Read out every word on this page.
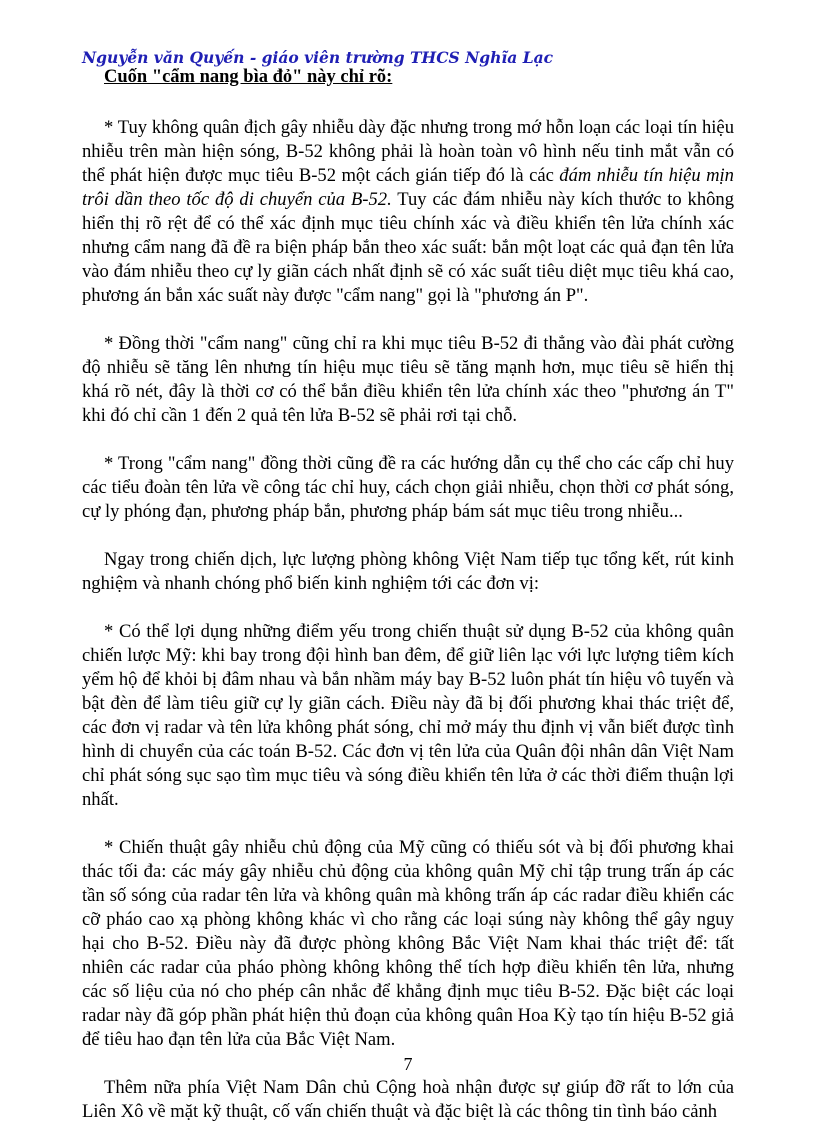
Nguyễn văn Quyến - giáo viên trường THCS Nghĩa Lạc
Cuốn "cẩm nang bìa đỏ" này chỉ rõ:

* Tuy không quân địch gây nhiễu dày đặc nhưng trong mớ hỗn loạn các loại tín hiệu nhiễu trên màn hiện sóng, B-52 không phải là hoàn toàn vô hình nếu tinh mắt vẫn có thể phát hiện được mục tiêu B-52 một cách gián tiếp đó là các đám nhiễu tín hiệu mịn trôi dần theo tốc độ di chuyển của B-52. Tuy các đám nhiễu này kích thước to không hiển thị rõ rệt để có thể xác định mục tiêu chính xác và điều khiển tên lửa chính xác nhưng cẩm nang đã đề ra biện pháp bắn theo xác suất: bắn một loạt các quả đạn tên lửa vào đám nhiễu theo cự ly giãn cách nhất định sẽ có xác suất tiêu diệt mục tiêu khá cao, phương án bắn xác suất này được "cẩm nang" gọi là "phương án P".

* Đồng thời "cẩm nang" cũng chỉ ra khi mục tiêu B-52 đi thẳng vào đài phát cường độ nhiễu sẽ tăng lên nhưng tín hiệu mục tiêu sẽ tăng mạnh hơn, mục tiêu sẽ hiển thị khá rõ nét, đây là thời cơ có thể bắn điều khiển tên lửa chính xác theo "phương án T" khi đó chỉ cần 1 đến 2 quả tên lửa B-52 sẽ phải rơi tại chỗ.

* Trong "cẩm nang" đồng thời cũng đề ra các hướng dẫn cụ thể cho các cấp chỉ huy các tiểu đoàn tên lửa về công tác chỉ huy, cách chọn giải nhiễu, chọn thời cơ phát sóng, cự ly phóng đạn, phương pháp bắn, phương pháp bám sát mục tiêu trong nhiễu...

Ngay trong chiến dịch, lực lượng phòng không Việt Nam tiếp tục tổng kết, rút kinh nghiệm và nhanh chóng phổ biến kinh nghiệm tới các đơn vị:

* Có thể lợi dụng những điểm yếu trong chiến thuật sử dụng B-52 của không quân chiến lược Mỹ: khi bay trong đội hình ban đêm, để giữ liên lạc với lực lượng tiêm kích yểm hộ để khỏi bị đâm nhau và bắn nhầm máy bay B-52 luôn phát tín hiệu vô tuyến và bật đèn để làm tiêu giữ cự ly giãn cách. Điều này đã bị đối phương khai thác triệt để, các đơn vị radar và tên lửa không phát sóng, chỉ mở máy thu định vị vẫn biết được tình hình di chuyển của các toán B-52. Các đơn vị tên lửa của Quân đội nhân dân Việt Nam chỉ phát sóng sục sạo tìm mục tiêu và sóng điều khiển tên lửa ở các thời điểm thuận lợi nhất.

* Chiến thuật gây nhiễu chủ động của Mỹ cũng có thiếu sót và bị đối phương khai thác tối đa: các máy gây nhiễu chủ động của không quân Mỹ chỉ tập trung trấn áp các tần số sóng của radar tên lửa và không quân mà không trấn áp các radar điều khiển các cỡ pháo cao xạ phòng không khác vì cho rằng các loại súng này không thể gây nguy hại cho B-52. Điều này đã được phòng không Bắc Việt Nam khai thác triệt để: tất nhiên các radar của pháo phòng không không thể tích hợp điều khiển tên lửa, nhưng các số liệu của nó cho phép cân nhắc để khẳng định mục tiêu B-52. Đặc biệt các loại radar này đã góp phần phát hiện thủ đoạn của không quân Hoa Kỳ tạo tín hiệu B-52 giả để tiêu hao đạn tên lửa của Bắc Việt Nam.

Thêm nữa phía Việt Nam Dân chủ Cộng hoà nhận được sự giúp đỡ rất to lớn của Liên Xô về mặt kỹ thuật, cố vấn chiến thuật và đặc biệt là các thông tin tình báo cảnh

7
